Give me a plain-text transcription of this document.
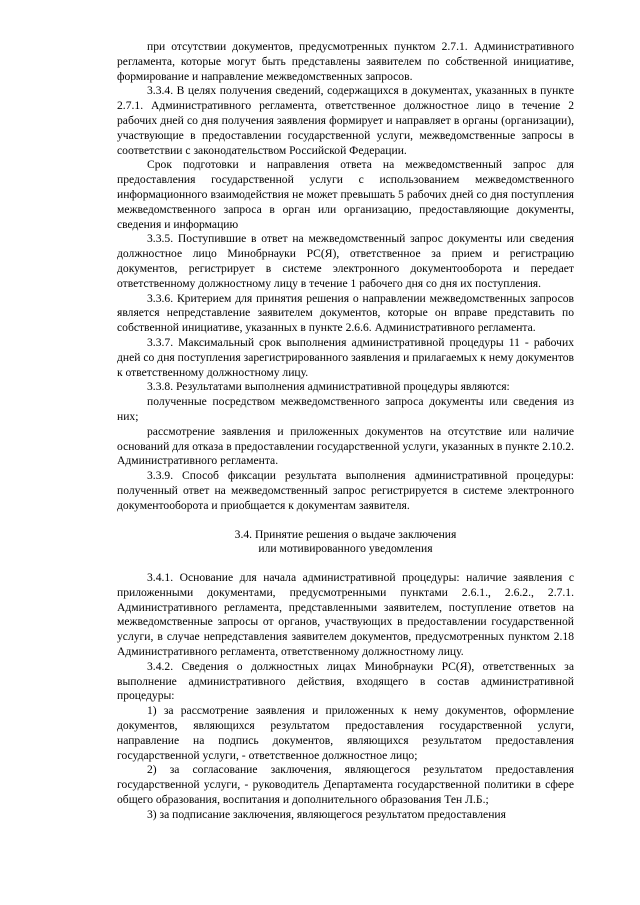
при отсутствии документов, предусмотренных пунктом 2.7.1. Административного регламента, которые могут быть представлены заявителем по собственной инициативе, формирование и направление межведомственных запросов.

3.3.4. В целях получения сведений, содержащихся в документах, указанных в пункте 2.7.1. Административного регламента, ответственное должностное лицо в течение 2 рабочих дней со дня получения заявления формирует и направляет в органы (организации), участвующие в предоставлении государственной услуги, межведомственные запросы в соответствии с законодательством Российской Федерации.

Срок подготовки и направления ответа на межведомственный запрос для предоставления государственной услуги с использованием межведомственного информационного взаимодействия не может превышать 5 рабочих дней со дня поступления межведомственного запроса в орган или организацию, предоставляющие документы, сведения и информацию

3.3.5. Поступившие в ответ на межведомственный запрос документы или сведения должностное лицо Минобрнауки РС(Я), ответственное за прием и регистрацию документов, регистрирует в системе электронного документооборота и передает ответственному должностному лицу в течение 1 рабочего дня со дня их поступления.

3.3.6. Критерием для принятия решения о направлении межведомственных запросов является непредставление заявителем документов, которые он вправе представить по собственной инициативе, указанных в пункте 2.6.6. Административного регламента.

3.3.7. Максимальный срок выполнения административной процедуры 11 - рабочих дней со дня поступления зарегистрированного заявления и прилагаемых к нему документов к ответственному должностному лицу.

3.3.8. Результатами выполнения административной процедуры являются:

полученные посредством межведомственного запроса документы или сведения из них;

рассмотрение заявления и приложенных документов на отсутствие или наличие оснований для отказа в предоставлении государственной услуги, указанных в пункте 2.10.2. Административного регламента.

3.3.9. Способ фиксации результата выполнения административной процедуры: полученный ответ на межведомственный запрос регистрируется в системе электронного документооборота и приобщается к документам заявителя.

3.4. Принятие решения о выдаче заключения
или мотивированного уведомления

3.4.1. Основание для начала административной процедуры: наличие заявления с приложенными документами, предусмотренными пунктами 2.6.1., 2.6.2., 2.7.1. Административного регламента, представленными заявителем, поступление ответов на межведомственные запросы от органов, участвующих в предоставлении государственной услуги, в случае непредставления заявителем документов, предусмотренных пунктом 2.18 Административного регламента, ответственному должностному лицу.

3.4.2. Сведения о должностных лицах Минобрнауки РС(Я), ответственных за выполнение административного действия, входящего в состав административной процедуры:

1) за рассмотрение заявления и приложенных к нему документов, оформление документов, являющихся результатом предоставления государственной услуги, направление на подпись документов, являющихся результатом предоставления государственной услуги, - ответственное должностное лицо;

2) за согласование заключения, являющегося результатом предоставления государственной услуги, - руководитель Департамента государственной политики в сфере общего образования, воспитания и дополнительного образования Тен Л.Б.;

3) за подписание заключения, являющегося результатом предоставления
